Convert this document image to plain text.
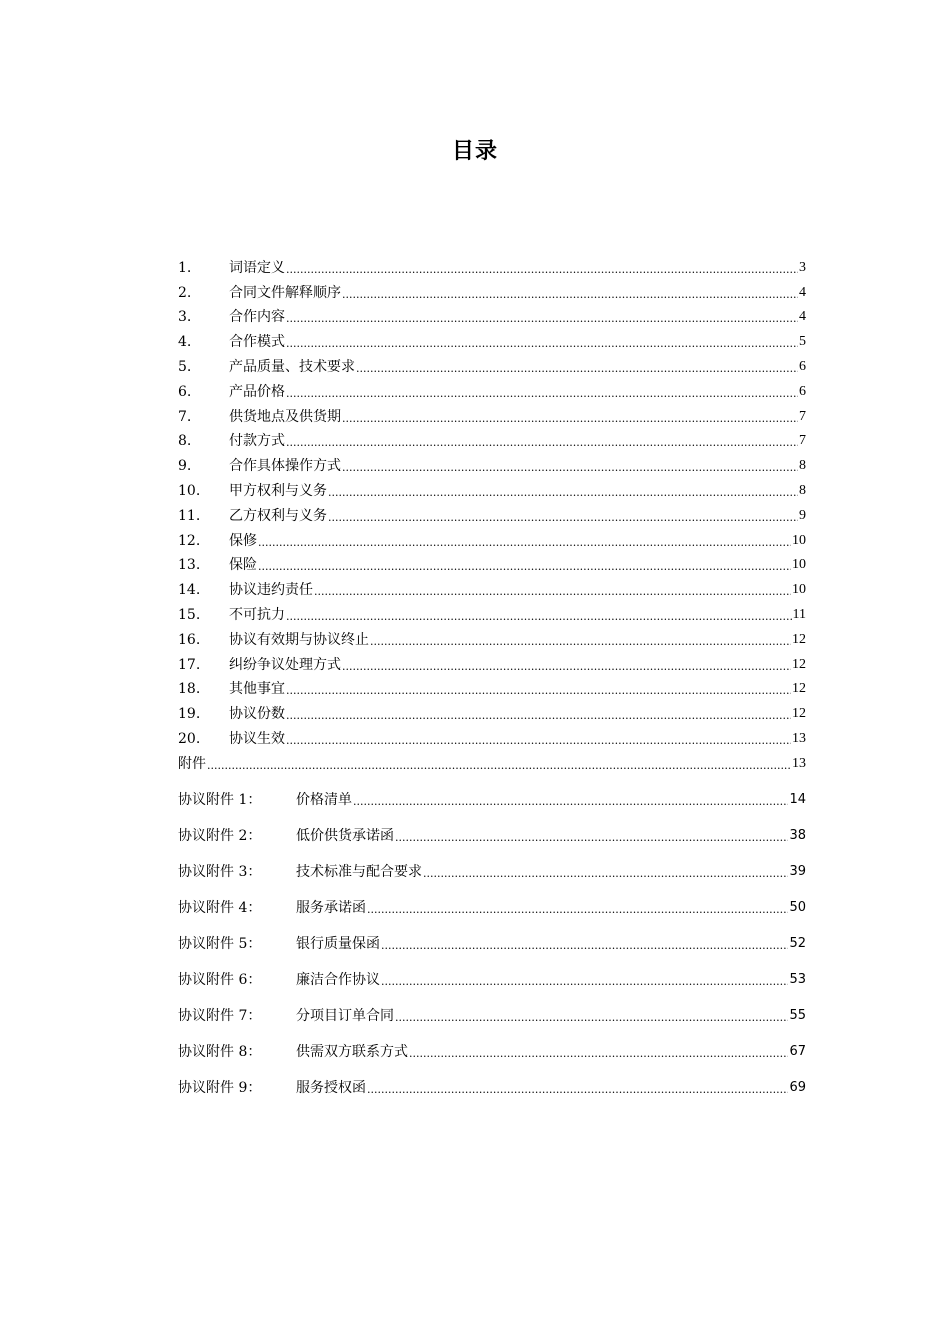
目录
1.	词语定义 .....	3
2.	合同文件解释顺序 .....	4
3.	合作内容 .....	4
4.	合作模式 .....	5
5.	产品质量、技术要求 .....	6
6.	产品价格 .....	6
7.	供货地点及供货期 .....	7
8.	付款方式 .....	7
9.	合作具体操作方式 .....	8
10.	甲方权利与义务 .....	8
11.	乙方权利与义务 .....	9
12.	保修 .....	10
13.	保险 .....	10
14.	协议违约责任 .....	10
15.	不可抗力 .....	11
16.	协议有效期与协议终止 .....	12
17.	纠纷争议处理方式 .....	12
18.	其他事宜 .....	12
19.	协议份数 .....	12
20.	协议生效 .....	13
附件 .....	13
协议附件 1：	价格清单 .....	14
协议附件 2：	低价供货承诺函 .....	38
协议附件 3：	技术标准与配合要求 .....	39
协议附件 4：	服务承诺函 .....	50
协议附件 5：	银行质量保函 .....	52
协议附件 6：	廉洁合作协议 .....	53
协议附件 7：	分项目订单合同 .....	55
协议附件 8：	供需双方联系方式 .....	67
协议附件 9：	服务授权函 .....	69
